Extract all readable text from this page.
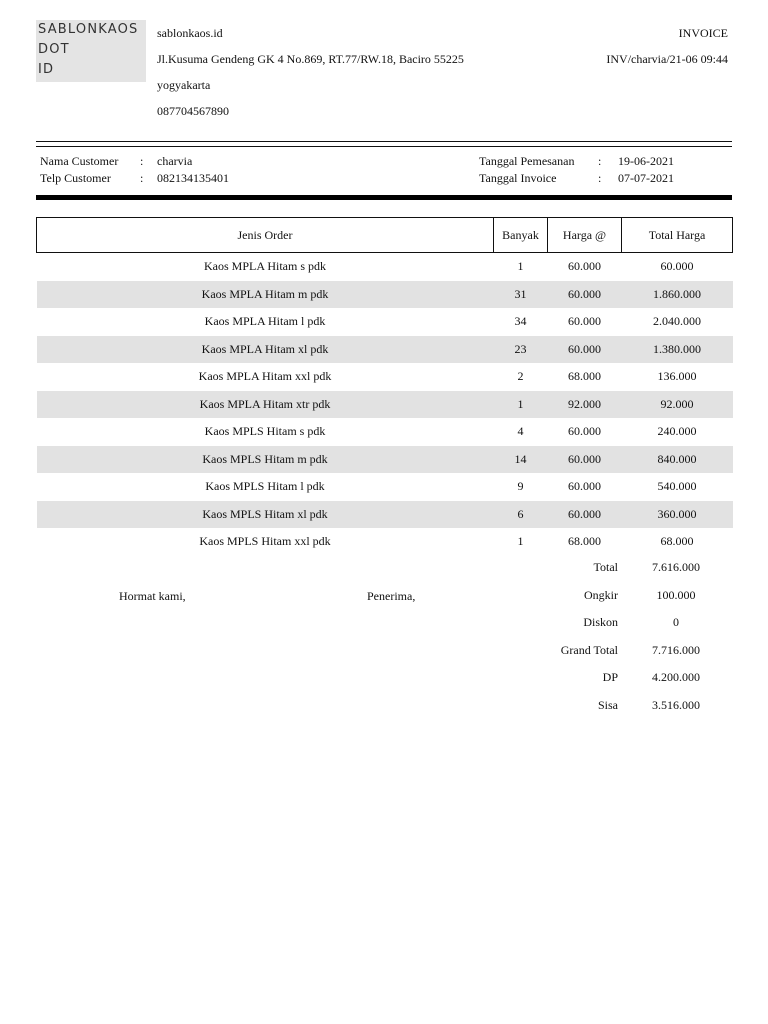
SABLONKAOS
DOT
ID
sablonkaos.id
Jl.Kusuma Gendeng GK 4 No.869, RT.77/RW.18, Baciro 55225
yogyakarta
087704567890
INVOICE
INV/charvia/21-06 09:44
Nama Customer : charvia
Telp Customer : 082134135401
Tanggal Pemesanan : 19-06-2021
Tanggal Invoice	: 07-07-2021
Jenis Order	Banyak	Harga @	Total Harga
Kaos MPLA Hitam s pdk	1	60.000	60.000
Kaos MPLA Hitam m pdk	31	60.000	1.860.000
Kaos MPLA Hitam l pdk	34	60.000	2.040.000
Kaos MPLA Hitam xl pdk	23	60.000	1.380.000
Kaos MPLA Hitam xxl pdk	2	68.000	136.000
Kaos MPLA Hitam xtr pdk	1	92.000	92.000
Kaos MPLS Hitam s pdk	4	60.000	240.000
Kaos MPLS Hitam m pdk	14	60.000	840.000
Kaos MPLS Hitam l pdk	9	60.000	540.000
Kaos MPLS Hitam xl pdk	6	60.000	360.000
Kaos MPLS Hitam xxl pdk	1	68.000	68.000
Total	7.616.000
Ongkir	100.000
Diskon	0
Grand Total	7.716.000
DP	4.200.000
Sisa	3.516.000
Hormat kami,	Penerima,
